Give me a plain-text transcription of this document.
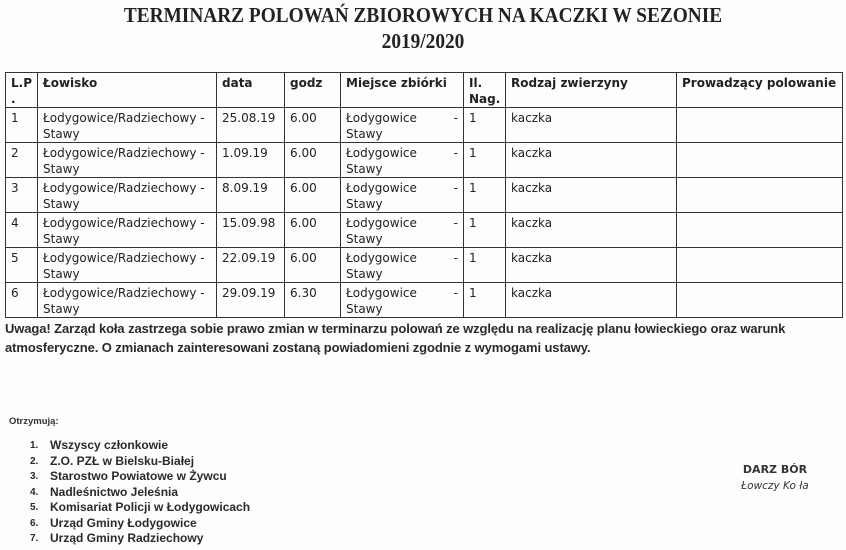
TERMINARZ POLOWAŃ ZBIOROWYCH NA KACZKI W SEZONIE
2019/2020
L.P .	Łowisko	data	godz	Miejsce zbiórki	Il. Nag.	Rodzaj zwierzyny	Prowadzący polowanie
1	Łodygowice/Radziechowy - Stawy	25.08.19	6.00	Łodygowice -
Stawy	1	kaczka	
2	Łodygowice/Radziechowy - Stawy	1.09.19	6.00	Łodygowice -
Stawy	1	kaczka	
3	Łodygowice/Radziechowy - Stawy	8.09.19	6.00	Łodygowice -
Stawy	1	kaczka	
4	Łodygowice/Radziechowy - Stawy	15.09.98	6.00	Łodygowice -
Stawy	1	kaczka	
5	Łodygowice/Radziechowy - Stawy	22.09.19	6.00	Łodygowice -
Stawy	1	kaczka	
6	Łodygowice/Radziechowy - Stawy	29.09.19	6.30	Łodygowice -
Stawy	1	kaczka	
Uwaga! Zarząd koła zastrzega sobie prawo zmian w terminarzu polowań ze względu na realizację planu łowieckiego oraz warunk atmosferyczne. O zmianach zainteresowani zostaną powiadomieni zgodnie z wymogami ustawy.
Otrzymują:
1. Wszyscy członkowie
2. Z.O. PZŁ w Bielsku-Białej
3. Starostwo Powiatowe w Żywcu
4. Nadleśnictwo Jeleśnia
5. Komisariat Policji w Łodygowicach
6. Urząd Gminy Łodygowice
7. Urząd Gminy Radziechowy
DARZ BÓR
Łowczy Ko ła
